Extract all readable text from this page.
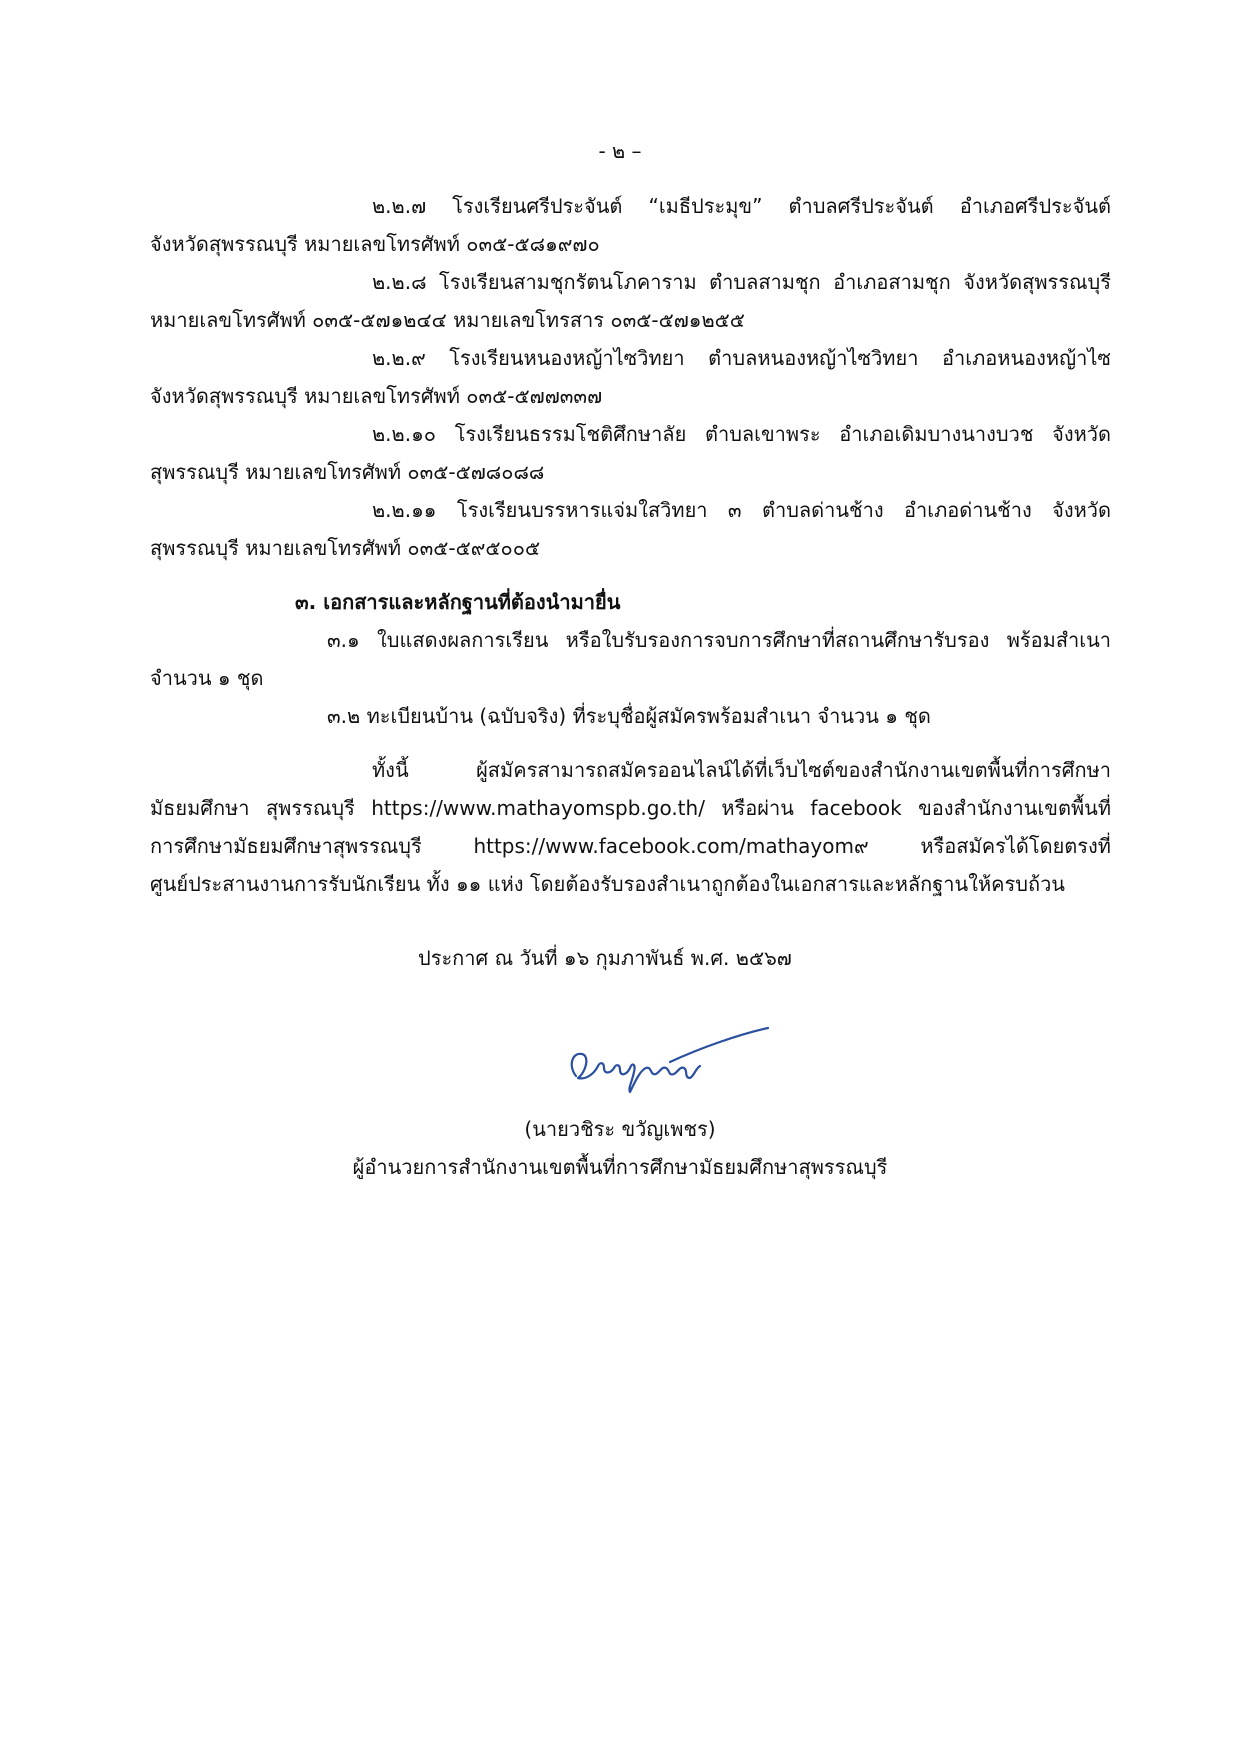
- ๒ –
๒.๒.๗ โรงเรียนศรีประจันต์ “เมธีประมุข” ตำบลศรีประจันต์ อำเภอศรีประจันต์
จังหวัดสุพรรณบุรี หมายเลขโทรศัพท์ ๐๓๕-๕๘๑๙๗๐
๒.๒.๘ โรงเรียนสามชุกรัตนโภคาราม ตำบลสามชุก อำเภอสามชุก จังหวัดสุพรรณบุรี
หมายเลขโทรศัพท์ ๐๓๕-๕๗๑๒๔๔ หมายเลขโทรสาร ๐๓๕-๕๗๑๒๕๕
๒.๒.๙ โรงเรียนหนองหญ้าไซวิทยา ตำบลหนองหญ้าไซวิทยา อำเภอหนองหญ้าไซ
จังหวัดสุพรรณบุรี หมายเลขโทรศัพท์ ๐๓๕-๕๗๗๓๓๗
๒.๒.๑๐ โรงเรียนธรรมโชติศึกษาลัย ตำบลเขาพระ อำเภอเดิมบางนางบวช จังหวัด
สุพรรณบุรี หมายเลขโทรศัพท์ ๐๓๕-๕๗๘๐๘๘
๒.๒.๑๑ โรงเรียนบรรหารแจ่มใสวิทยา ๓ ตำบลด่านช้าง อำเภอด่านช้าง จังหวัด
สุพรรณบุรี หมายเลขโทรศัพท์ ๐๓๕-๕๙๕๐๐๕
๓. เอกสารและหลักฐานที่ต้องนำมายื่น
๓.๑ ใบแสดงผลการเรียน หรือใบรับรองการจบการศึกษาที่สถานศึกษารับรอง พร้อมสำเนา
จำนวน ๑ ชุด
๓.๒ ทะเบียนบ้าน (ฉบับจริง) ที่ระบุชื่อผู้สมัครพร้อมสำเนา จำนวน ๑ ชุด
ทั้งนี้ ผู้สมัครสามารถสมัครออนไลน์ได้ที่เว็บไซต์ของสำนักงานเขตพื้นที่การศึกษา
มัธยมศึกษา สุพรรณบุรี https://www.mathayomspb.go.th/ หรือผ่าน facebook ของสำนักงานเขตพื้นที่
การศึกษามัธยมศึกษาสุพรรณบุรี https://www.facebook.com/mathayom๙ หรือสมัครได้โดยตรงที่
ศูนย์ประสานงานการรับนักเรียน ทั้ง ๑๑ แห่ง โดยต้องรับรองสำเนาถูกต้องในเอกสารและหลักฐานให้ครบถ้วน
ประกาศ ณ วันที่ ๑๖ กุมภาพันธ์ พ.ศ. ๒๕๖๗
(นายวชิระ ขวัญเพชร)
ผู้อำนวยการสำนักงานเขตพื้นที่การศึกษามัธยมศึกษาสุพรรณบุรี
